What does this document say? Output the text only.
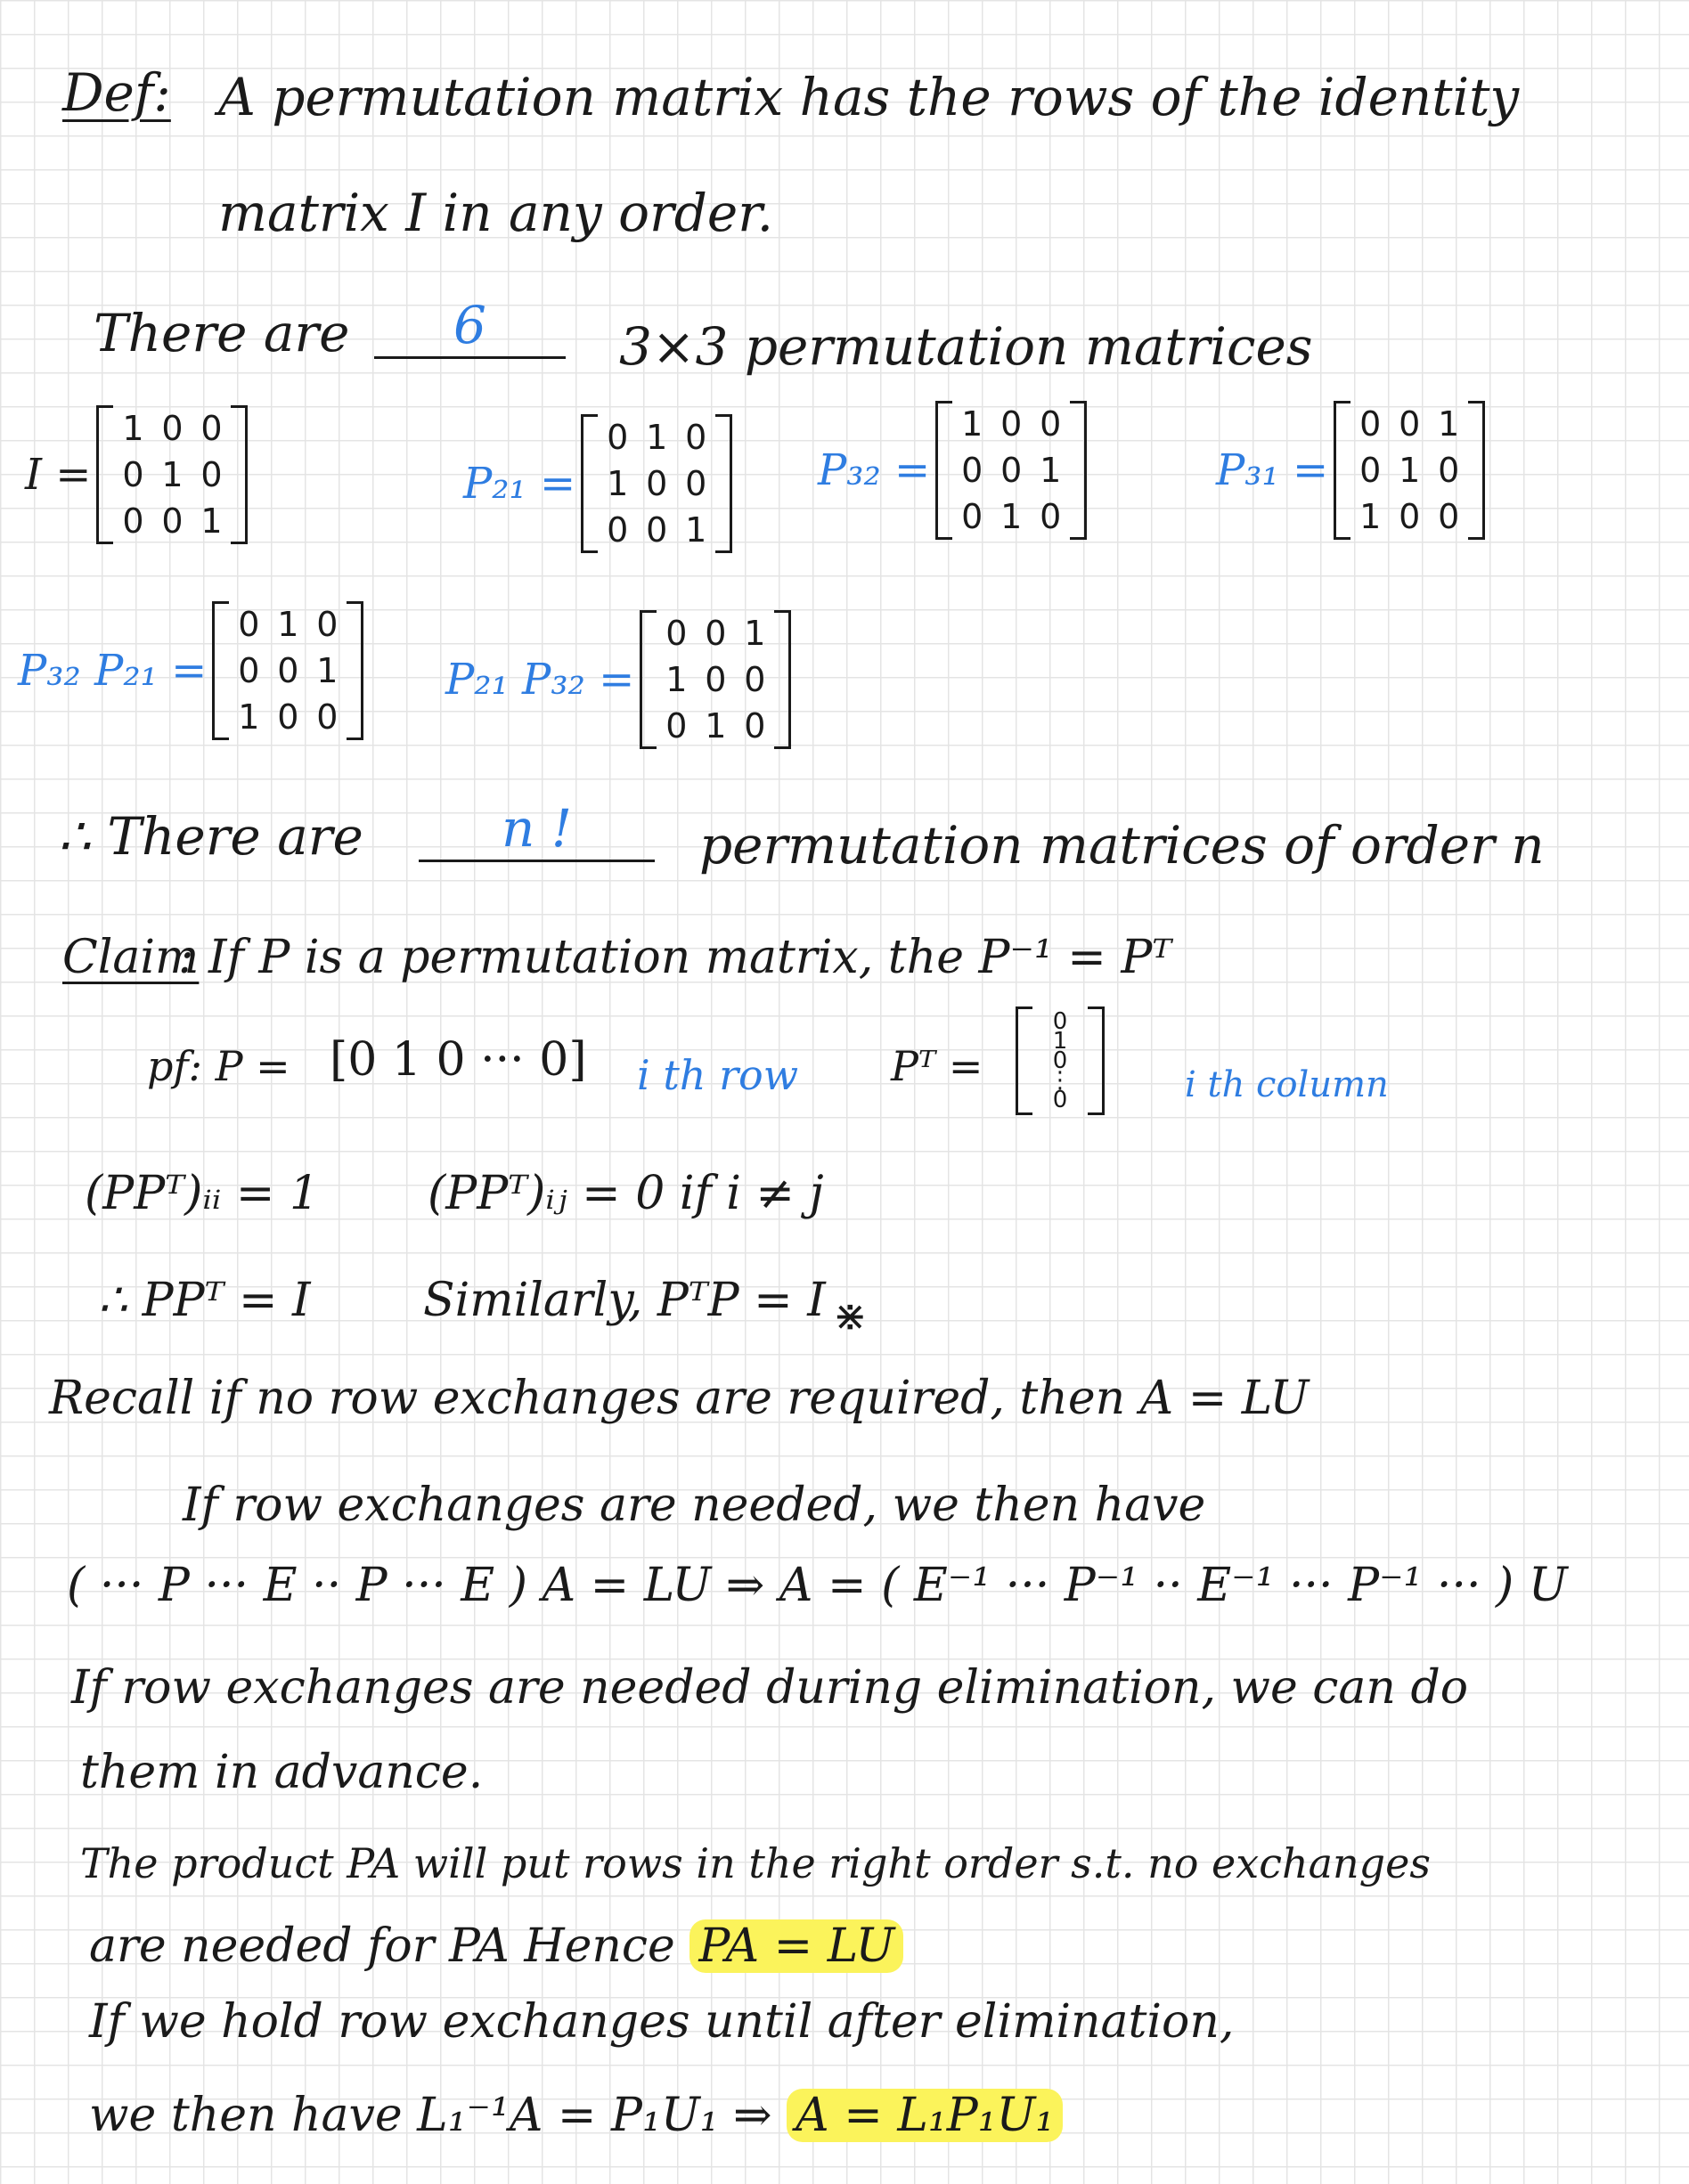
Def: A permutation matrix has the rows of the identity
matrix I in any order.
There are	6	3×3 permutation matrices
I =
1 0 0
0 1 0
0 0 1
P₂₁ =
0 1 0
1 0 0
0 0 1
P₃₂ =
1 0 0
0 0 1
0 1 0
P₃₁ =
0 0 1
0 1 0
1 0 0
P₃₂ P₂₁ =
0 1 0
0 0 1
1 0 0
P₂₁ P₃₂ =
0 0 1
1 0 0
0 1 0
∴ There are	n !	permutation matrices of order n
Claim
: If P is a permutation matrix, the P⁻¹ = Pᵀ
pf: P = [0 1 0 ··· 0] i th row Pᵀ =
0
1
0
⋮
0	i th column
(PPᵀ)ᵢᵢ = 1 (PPᵀ)ᵢⱼ = 0 if i ≠ j
∴ PPᵀ = I Similarly, PᵀP = I ⋇
Recall if no row exchanges are required, then A = LU
If row exchanges are needed, we then have
( ··· P ··· E ·· P ··· E ) A = LU ⇒ A = ( E⁻¹ ··· P⁻¹ ·· E⁻¹ ··· P⁻¹ ··· ) U
If row exchanges are needed during elimination, we can do
them in advance.
The product PA will put rows in the right order s.t. no exchanges
are needed for PA Hence PA = LU
If we hold row exchanges until after elimination,
we then have L₁⁻¹A = P₁U₁ ⇒ A = L₁P₁U₁
